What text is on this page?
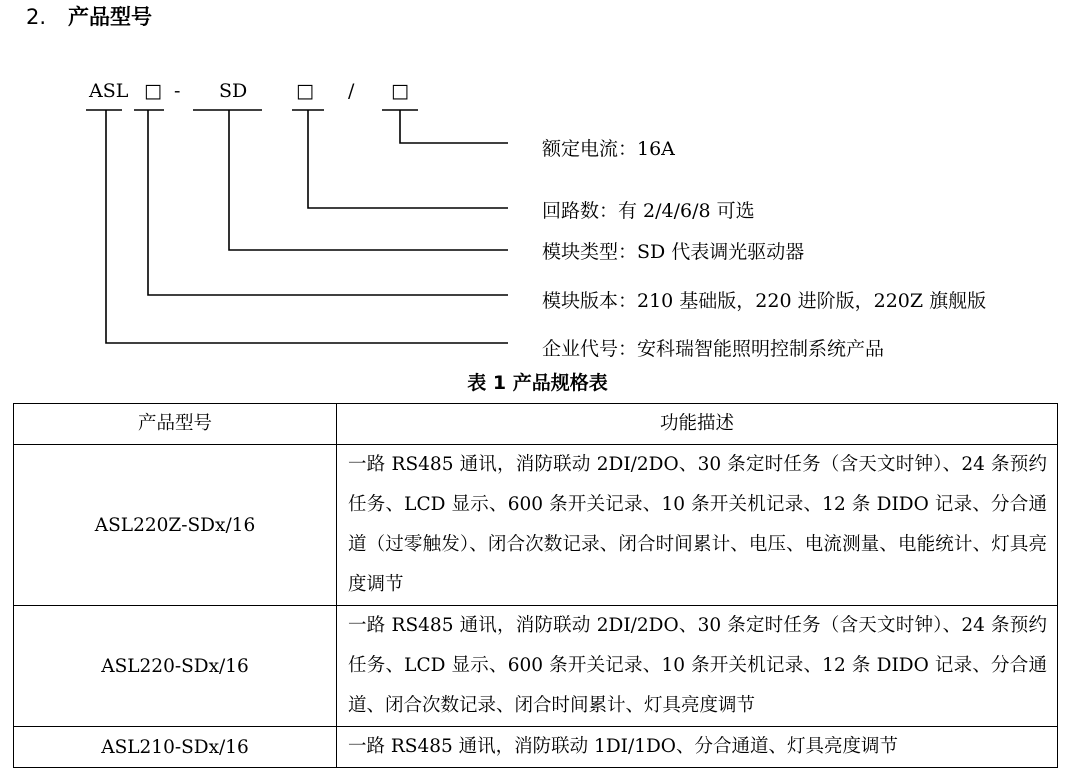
2. 产品型号
ASL □ - SD	□ / □
额定电流：16A
回路数：有 2/4/6/8 可选
模块类型：SD 代表调光驱动器
模块版本：210 基础版，220 进阶版，220Z 旗舰版
企业代号：安科瑞智能照明控制系统产品
表 1 产品规格表
产品型号	功能描述
ASL220Z-SDx/16	一路 RS485 通讯，消防联动 2DI/2DO、30 条定时任务（含天文时钟）、24 条预约任务、LCD 显示、600 条开关记录、10 条开关机记录、12 条 DIDO 记录、分合通道（过零触发）、闭合次数记录、闭合时间累计、电压、电流测量、电能统计、灯具亮度调节
ASL220-SDx/16	一路 RS485 通讯，消防联动 2DI/2DO、30 条定时任务（含天文时钟）、24 条预约任务、LCD 显示、600 条开关记录、10 条开关机记录、12 条 DIDO 记录、分合通道、闭合次数记录、闭合时间累计、灯具亮度调节
ASL210-SDx/16	一路 RS485 通讯，消防联动 1DI/1DO、分合通道、灯具亮度调节
